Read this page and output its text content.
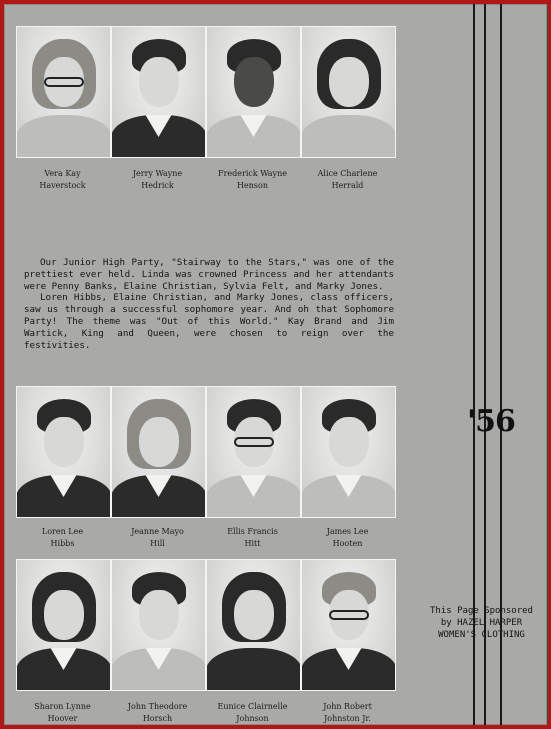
Vera Kay
Haverstock
Jerry Wayne
Hedrick
Frederick Wayne
Henson
Alice Charlene
Herrald

Our Junior High Party, "Stairway to the Stars," was one of the prettiest ever held. Linda was crowned Princess and her attendants were Penny Banks, Elaine Christian, Sylvia Felt, and Marky Jones.

Loren Hibbs, Elaine Christian, and Marky Jones, class officers, saw us through a successful sophomore year. And oh that Sophomore Party! The theme was "Out of this World." Kay Brand and Jim Wartick, King and Queen, were chosen to reign over the festivities.

'56
Loren Lee
Hibbs
Jeanne Mayo
Hill
Ellis Francis
Hitt
James Lee
Hooten
Sharon Lynne
Hoover
John Theodore
Horsch
Eunice Clairnelle
Johnson
John Robert
Johnston Jr.
This Page Sponsored
by HAZEL HARPER
WOMEN'S CLOTHING
